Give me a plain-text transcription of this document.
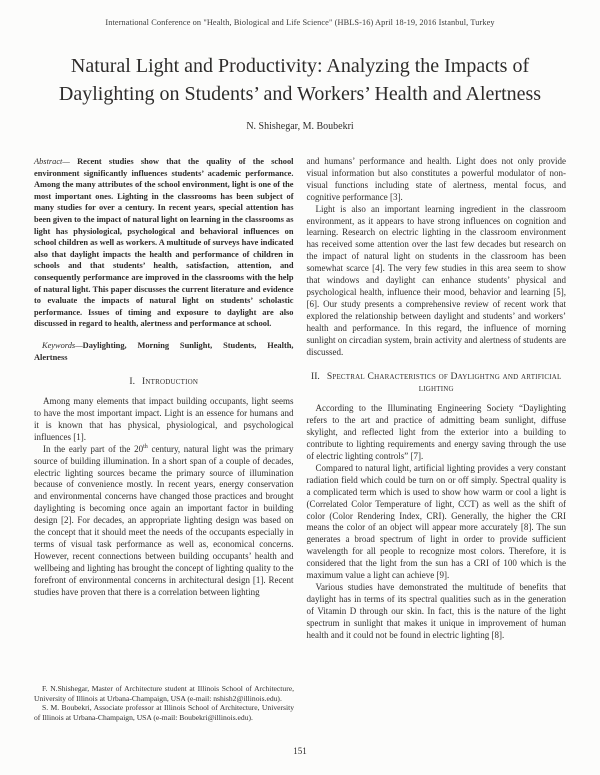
International Conference on "Health, Biological and Life Science" (HBLS-16) April 18-19, 2016 Istanbul, Turkey
Natural Light and Productivity: Analyzing the Impacts of Daylighting on Students’ and Workers’ Health and Alertness
N. Shishegar, M. Boubekri

Abstract— Recent studies show that the quality of the school environment significantly influences students’ academic performance. Among the many attributes of the school environment, light is one of the most important ones. Lighting in the classrooms has been subject of many studies for over a century. In recent years, special attention has been given to the impact of natural light on learning in the classrooms as light has physiological, psychological and behavioral influences on school children as well as workers. A multitude of surveys have indicated also that daylight impacts the health and performance of children in schools and that students’ health, satisfaction, attention, and consequently performance are improved in the classrooms with the help of natural light. This paper discusses the current literature and evidence to evaluate the impacts of natural light on students’ scholastic performance. Issues of timing and exposure to daylight are also discussed in regard to health, alertness and performance at school.

Keywords—Daylighting, Morning Sunlight, Students, Health, Alertness

I. Introduction

Among many elements that impact building occupants, light seems to have the most important impact. Light is an essence for humans and it is known that has physical, physiological, and psychological influences [1].

In the early part of the 20th century, natural light was the primary source of building illumination. In a short span of a couple of decades, electric lighting sources became the primary source of illumination because of convenience mostly. In recent years, energy conservation and environmental concerns have changed those practices and brought daylighting is becoming once again an important factor in building design [2]. For decades, an appropriate lighting design was based on the concept that it should meet the needs of the occupants especially in terms of visual task performance as well as, economical concerns. However, recent connections between building occupants’ health and wellbeing and lighting has brought the concept of lighting quality to the forefront of environmental concerns in architectural design [1]. Recent studies have proven that there is a correlation between lighting

and humans’ performance and health. Light does not only provide visual information but also constitutes a powerful modulator of non-visual functions including state of alertness, mental focus, and cognitive performance [3].

Light is also an important learning ingredient in the classroom environment, as it appears to have strong influences on cognition and learning. Research on electric lighting in the classroom environment has received some attention over the last few decades but research on the impact of natural light on students in the classroom has been somewhat scarce [4]. The very few studies in this area seem to show that windows and daylight can enhance students’ physical and psychological health, influence their mood, behavior and learning [5], [6]. Our study presents a comprehensive review of recent work that explored the relationship between daylight and students’ and workers’ health and performance. In this regard, the influence of morning sunlight on circadian system, brain activity and alertness of students are discussed.

II. Spectral Characteristics of Daylightng and artificial lighting

According to the Illuminating Engineering Society “Daylighting refers to the art and practice of admitting beam sunlight, diffuse skylight, and reflected light from the exterior into a building to contribute to lighting requirements and energy saving through the use of electric lighting controls” [7].

Compared to natural light, artificial lighting provides a very constant radiation field which could be turn on or off simply. Spectral quality is a complicated term which is used to show how warm or cool a light is (Correlated Color Temperature of light, CCT) as well as the shift of color (Color Rendering Index, CRI). Generally, the higher the CRI means the color of an object will appear more accurately [8]. The sun generates a broad spectrum of light in order to provide sufficient wavelength for all people to recognize most colors. Therefore, it is considered that the light from the sun has a CRI of 100 which is the maximum value a light can achieve [9].

Various studies have demonstrated the multitude of benefits that daylight has in terms of its spectral qualities such as in the generation of Vitamin D through our skin. In fact, this is the nature of the light spectrum in sunlight that makes it unique in improvement of human health and it could not be found in electric lighting [8].

F. N.Shishegar, Master of Architecture student at Illinois School of Architecture, University of Illinois at Urbana-Champaign, USA (e-mail: nshish2@illinois.edu).

S. M. Boubekri, Associate professor at Illinois School of Architecture, University of Illinois at Urbana-Champaign, USA (e-mail: Boubekri@illinois.edu).

151
